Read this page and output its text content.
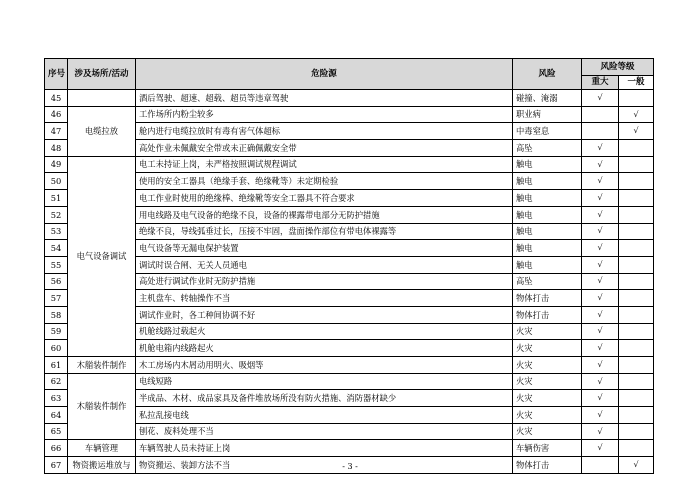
序号	涉及场所/活动	危险源	风险	风险等级	
				重大	一般
45		酒后驾驶、超速、超载、超员等违章驾驶	碰撞、淹溺	√	
46	电缆拉放	工作场所内粉尘较多	职业病		√
47		舱内进行电缆拉放时有毒有害气体超标	中毒窒息		√
48		高处作业未佩戴安全带或未正确佩戴安全带	高坠	√	
49	电气设备调试	电工未持证上岗，未严格按照调试规程调试	触电	√	
50		使用的安全工器具（绝缘手套、绝缘靴等）未定期检验	触电	√	
51		电工作业时使用的绝缘棒、绝缘靴等安全工器具不符合要求	触电	√	
52		用电线路及电气设备的绝缘不良，设备的裸露带电部分无防护措施	触电	√	
53		绝缘不良，导线弧垂过长，压接不牢固，盘面操作部位有带电体裸露等	触电	√	
54		电气设备等无漏电保护装置	触电	√	
55		调试时误合闸、无关人员通电	触电	√	
56		高处进行调试作业时无防护措施	高坠	√	
57		主机盘车、转轴操作不当	物体打击	√	
58		调试作业时，各工种间协调不好	物体打击	√	
59		机舱线路过载起火	火灾	√	
60		机舱电箱内线路起火	火灾	√	
61	木艏装件制作	木工房场内木屑动用明火、吸烟等	火灾	√	
62	木艏装件制作	电线短路	火灾	√	
63		半成品、木材、成品家具及备件堆放场所没有防火措施、消防器材缺少	火灾	√	
64		私拉乱接电线	火灾	√	
65		刨花、废料处理不当	火灾	√	
66	车辆管理	车辆驾驶人员未持证上岗	车辆伤害	√	
67	物资搬运堆放与	物资搬运、装卸方法不当	物体打击		√
- 3 -
